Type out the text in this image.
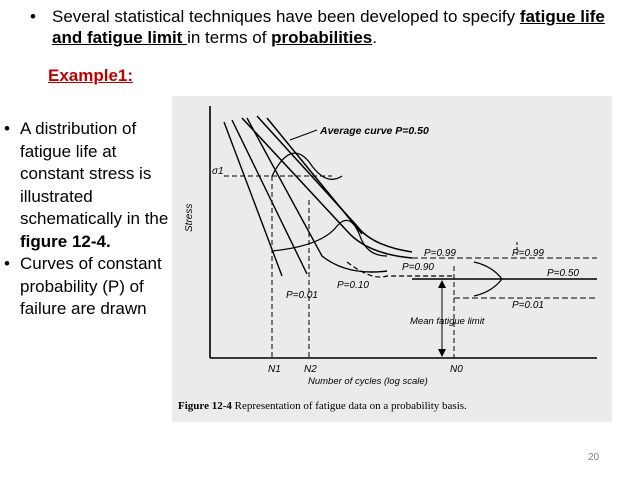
• Several statistical techniques have been developed to specify fatigue life and fatigue limit in terms of probabilities.
Example1:
• A distribution of fatigue life at constant stress is illustrated schematically in the figure 12-4.
• Curves of constant probability (P) of failure are drawn
Stress
σ1
Average curve P=0.50
P=0.99
P=0.90
P=0.10
P=0.01
P=0.99
P=0.50
P=0.01
Mean fatigue limit
N1 N2	N0
Number of cycles (log scale)
Figure 12-4 Representation of fatigue data on a probability basis.
20
